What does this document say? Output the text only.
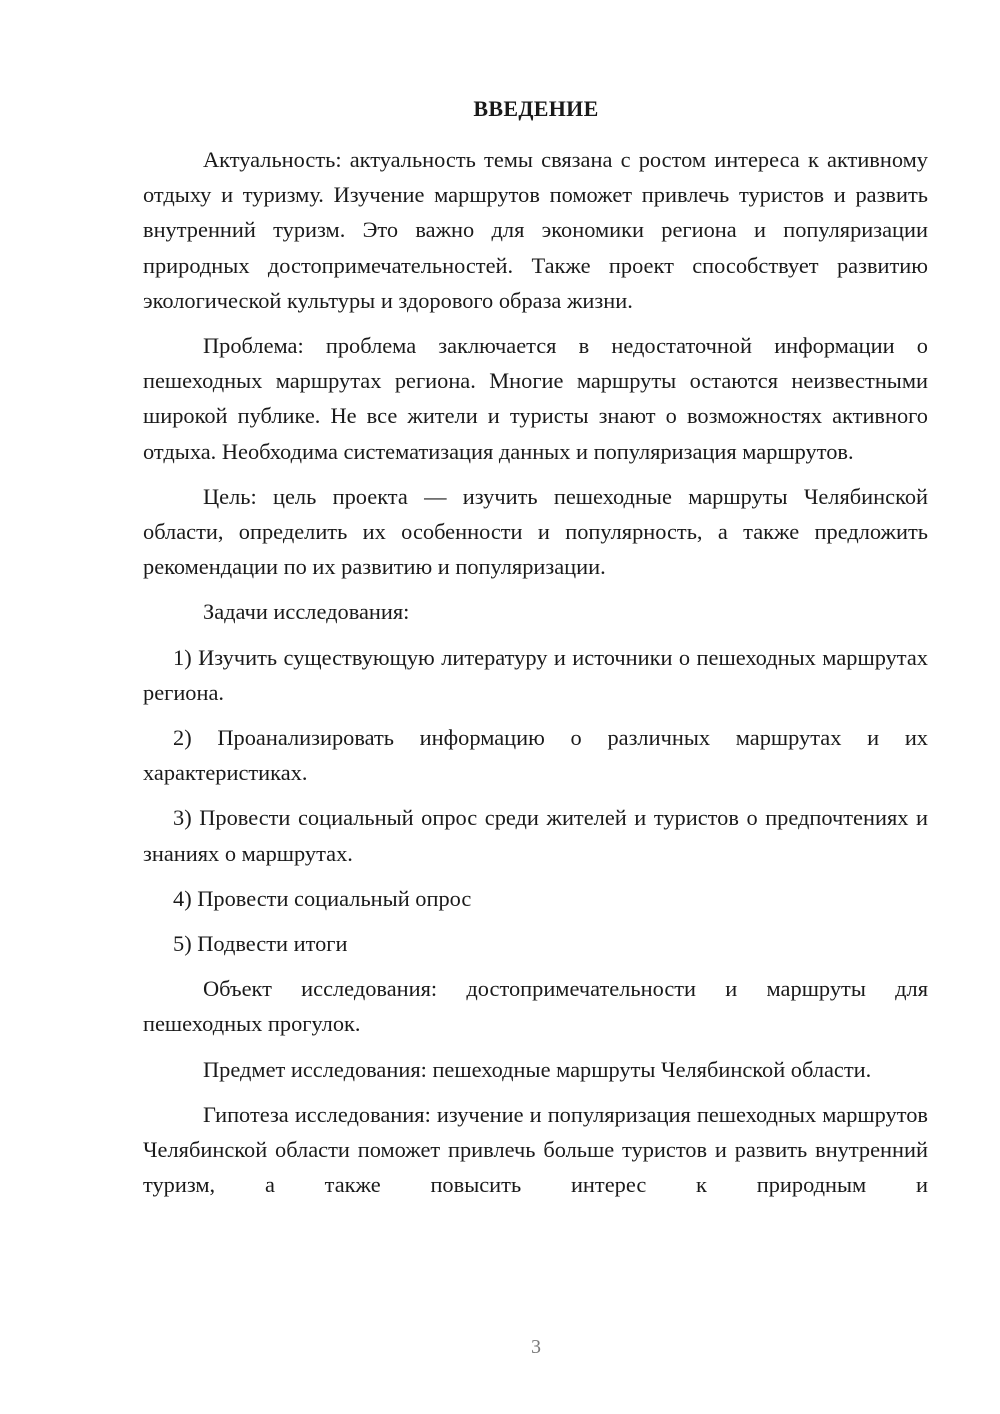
ВВЕДЕНИЕ

Актуальность: актуальность темы связана с ростом интереса к активному отдыху и туризму. Изучение маршрутов поможет привлечь туристов и развить внутренний туризм. Это важно для экономики региона и популяризации природных достопримечательностей. Также проект способствует развитию экологической культуры и здорового образа жизни.

Проблема: проблема заключается в недостаточной информации о пешеходных маршрутах региона. Многие маршруты остаются неизвестными широкой публике. Не все жители и туристы знают о возможностях активного отдыха. Необходима систематизация данных и популяризация маршрутов.

Цель: цель проекта — изучить пешеходные маршруты Челябинской области, определить их особенности и популярность, а также предложить рекомендации по их развитию и популяризации.

Задачи исследования:

1) Изучить существующую литературу и источники о пешеходных маршрутах региона.

2) Проанализировать информацию о различных маршрутах и их характеристиках.

3) Провести социальный опрос среди жителей и туристов о предпочтениях и знаниях о маршрутах.

4) Провести социальный опрос

5) Подвести итоги

Объект исследования: достопримечательности и маршруты для пешеходных прогулок.

Предмет исследования: пешеходные маршруты Челябинской области.

Гипотеза исследования: изучение и популяризация пешеходных маршрутов Челябинской области поможет привлечь больше туристов и развить внутренний туризм, а также повысить интерес к природным и

3
